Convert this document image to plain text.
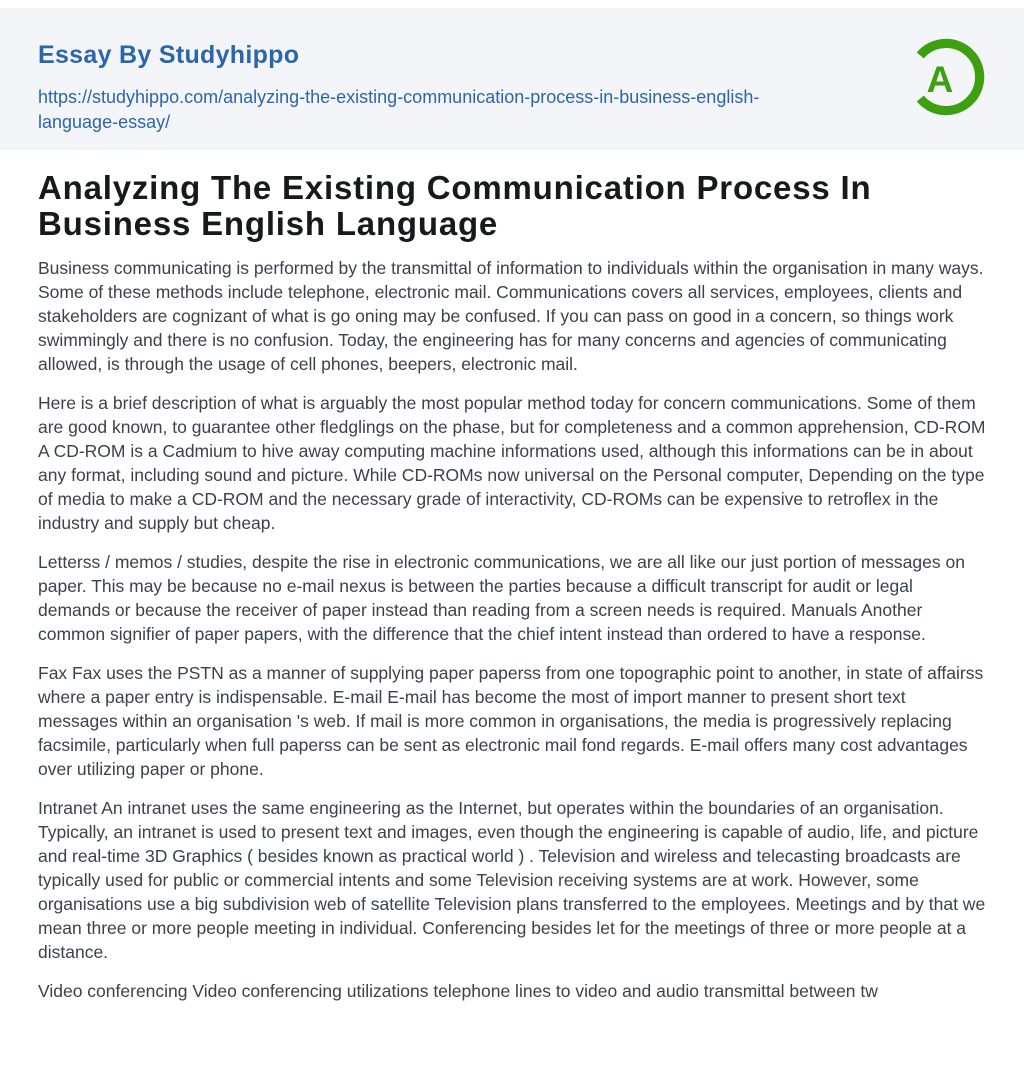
Essay By Studyhippo
https://studyhippo.com/analyzing-the-existing-communication-process-in-business-english-language-essay/
A
Analyzing The Existing Communication Process In Business English Language

Business communicating is performed by the transmittal of information to individuals within the organisation in many ways. Some of these methods include telephone, electronic mail. Communications covers all services, employees, clients and stakeholders are cognizant of what is go oning may be confused. If you can pass on good in a concern, so things work swimmingly and there is no confusion. Today, the engineering has for many concerns and agencies of communicating allowed, is through the usage of cell phones, beepers, electronic mail.

Here is a brief description of what is arguably the most popular method today for concern communications. Some of them are good known, to guarantee other fledglings on the phase, but for completeness and a common apprehension, CD-ROM A CD-ROM is a Cadmium to hive away computing machine informations used, although this informations can be in about any format, including sound and picture. While CD-ROMs now universal on the Personal computer, Depending on the type of media to make a CD-ROM and the necessary grade of interactivity, CD-ROMs can be expensive to retroflex in the industry and supply but cheap.

Letterss / memos / studies, despite the rise in electronic communications, we are all like our just portion of messages on paper. This may be because no e-mail nexus is between the parties because a difficult transcript for audit or legal demands or because the receiver of paper instead than reading from a screen needs is required. Manuals Another common signifier of paper papers, with the difference that the chief intent instead than ordered to have a response.

Fax Fax uses the PSTN as a manner of supplying paper paperss from one topographic point to another, in state of affairss where a paper entry is indispensable. E-mail E-mail has become the most of import manner to present short text messages within an organisation 's web. If mail is more common in organisations, the media is progressively replacing facsimile, particularly when full paperss can be sent as electronic mail fond regards. E-mail offers many cost advantages over utilizing paper or phone.

Intranet An intranet uses the same engineering as the Internet, but operates within the boundaries of an organisation. Typically, an intranet is used to present text and images, even though the engineering is capable of audio, life, and picture and real-time 3D Graphics ( besides known as practical world ) . Television and wireless and telecasting broadcasts are typically used for public or commercial intents and some Television receiving systems are at work. However, some organisations use a big subdivision web of satellite Television plans transferred to the employees. Meetings and by that we mean three or more people meeting in individual. Conferencing besides let for the meetings of three or more people at a distance.

Video conferencing Video conferencing utilizations telephone lines to video and audio transmittal between tw
